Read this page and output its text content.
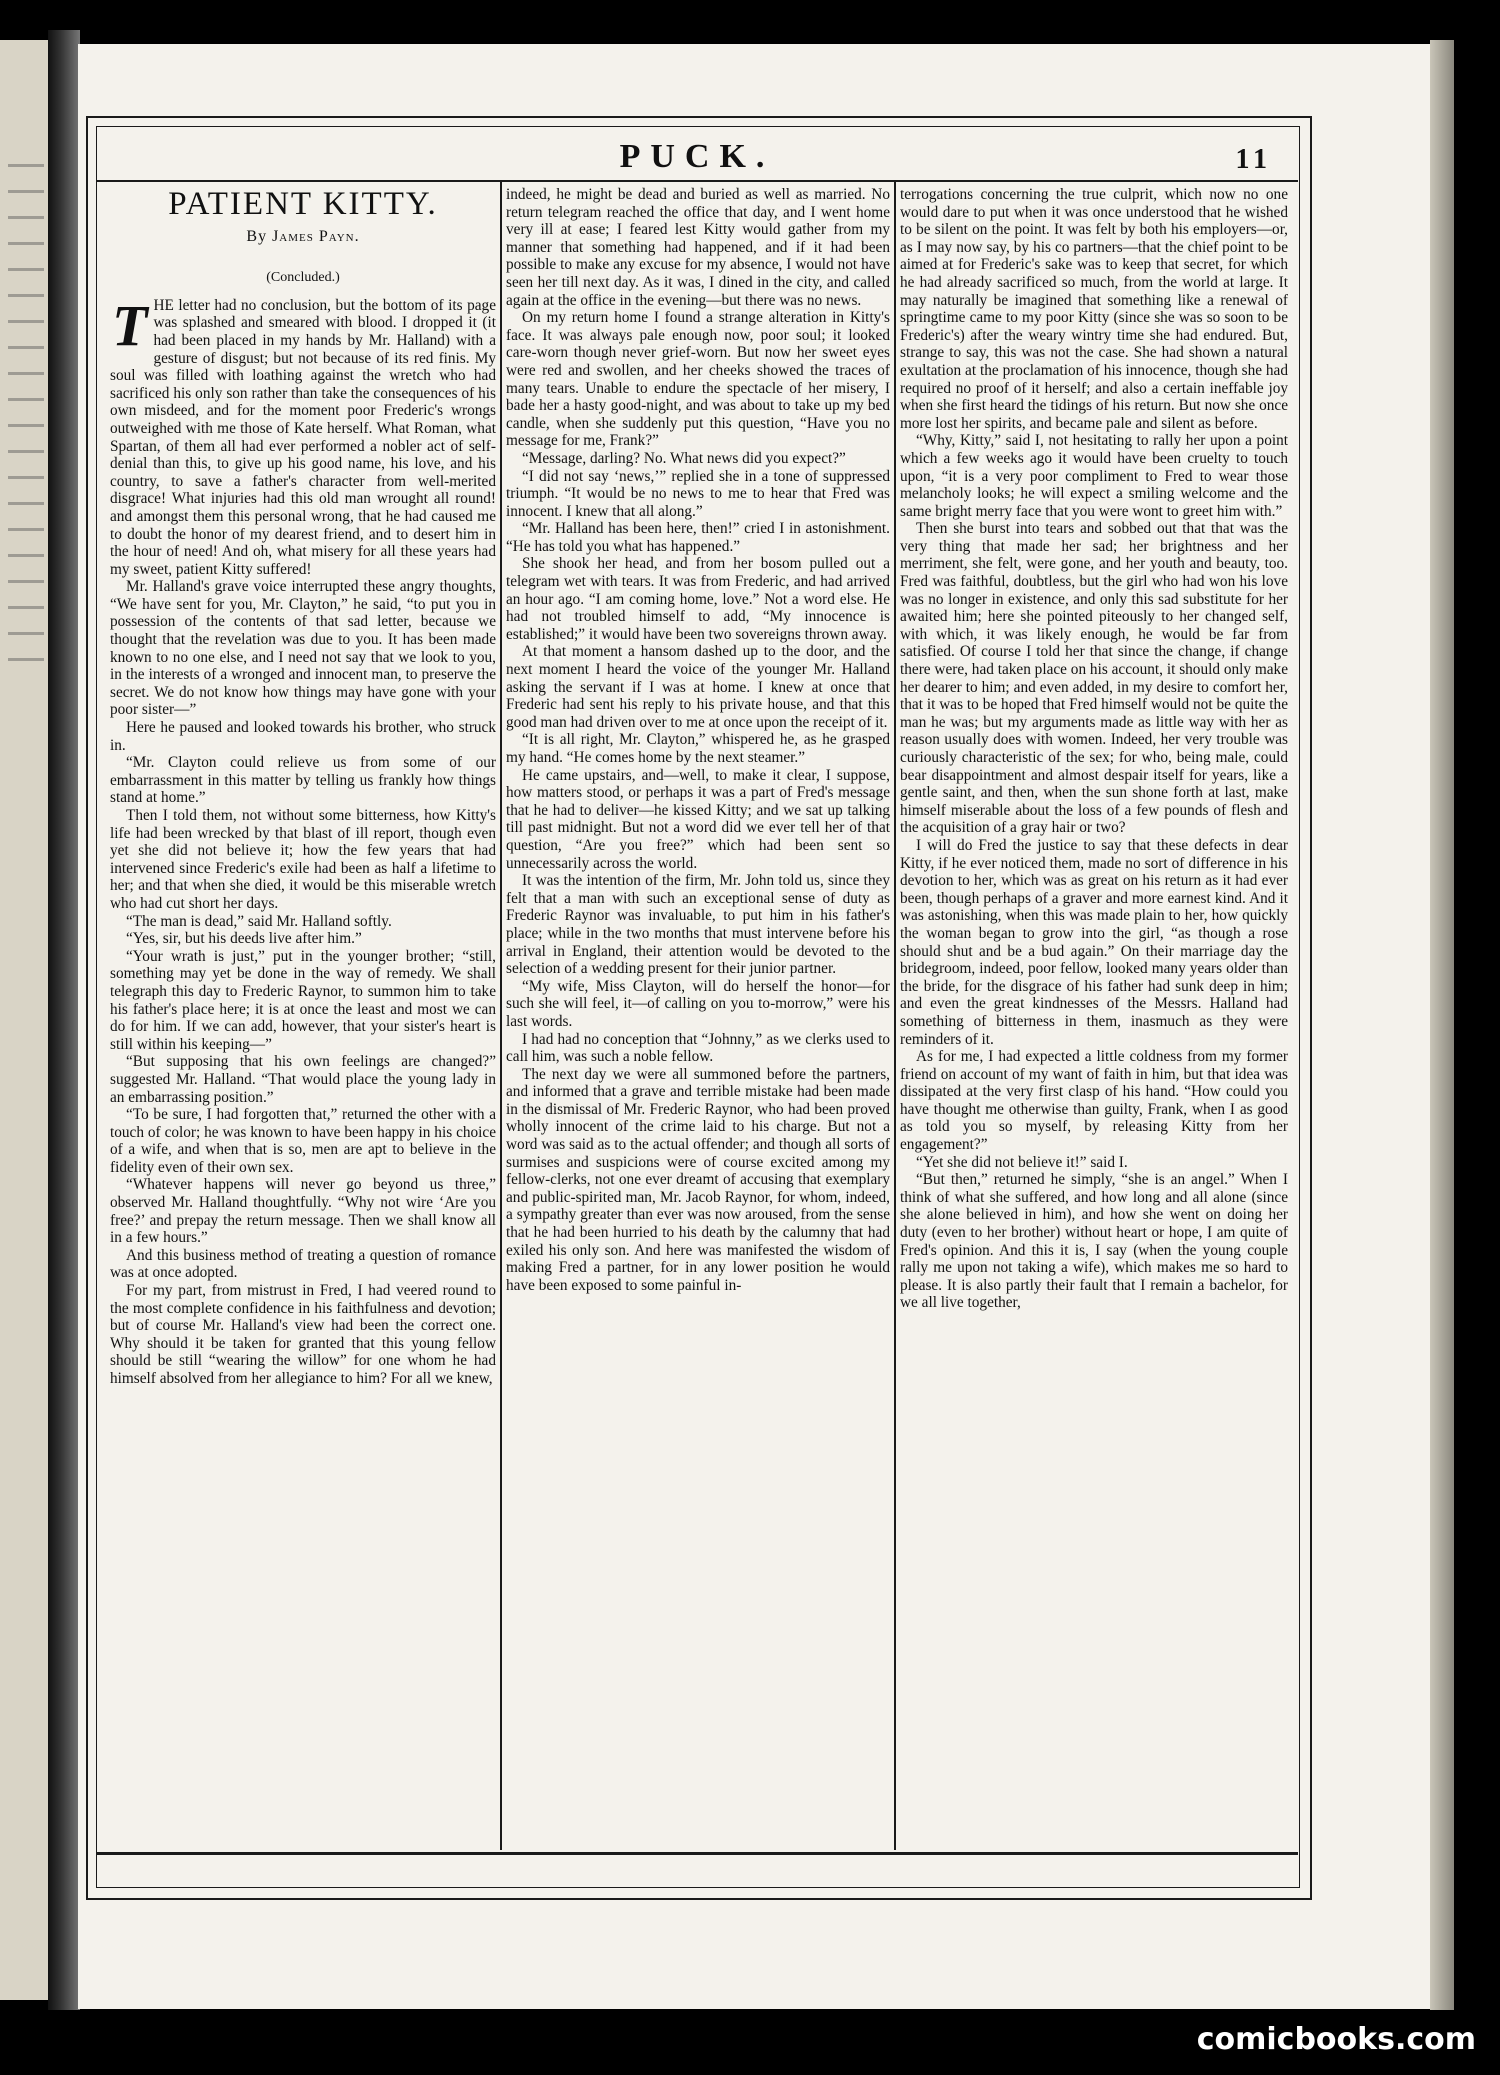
PUCK.	11
PATIENT KITTY.
By James Payn.
(Concluded.)
T HE letter had no conclusion, but the bottom of its page was splashed and smeared with blood. I dropped it (it had been placed in my hands by Mr. Halland) with a gesture of disgust; but not because of its red finis. My soul was filled with loathing against the wretch who had sacrificed his only son rather than take the consequences of his own misdeed, and for the moment poor Frederic's wrongs outweighed with me those of Kate herself. What Roman, what Spartan, of them all had ever performed a nobler act of self-denial than this, to give up his good name, his love, and his country, to save a father's character from well-merited disgrace! What injuries had this old man wrought all round! and amongst them this personal wrong, that he had caused me to doubt the honor of my dearest friend, and to desert him in the hour of need! And oh, what misery for all these years had my sweet, patient Kitty suffered!

Mr. Halland's grave voice interrupted these angry thoughts, “We have sent for you, Mr. Clayton,” he said, “to put you in possession of the contents of that sad letter, because we thought that the revelation was due to you. It has been made known to no one else, and I need not say that we look to you, in the interests of a wronged and innocent man, to preserve the secret. We do not know how things may have gone with your poor sister—”

Here he paused and looked towards his brother, who struck in.

“Mr. Clayton could relieve us from some of our embarrassment in this matter by telling us frankly how things stand at home.”

Then I told them, not without some bitterness, how Kitty's life had been wrecked by that blast of ill report, though even yet she did not believe it; how the few years that had intervened since Frederic's exile had been as half a lifetime to her; and that when she died, it would be this miserable wretch who had cut short her days.

“The man is dead,” said Mr. Halland softly.

“Yes, sir, but his deeds live after him.”

“Your wrath is just,” put in the younger brother; “still, something may yet be done in the way of remedy. We shall telegraph this day to Frederic Raynor, to summon him to take his father's place here; it is at once the least and most we can do for him. If we can add, however, that your sister's heart is still within his keeping—”

“But supposing that his own feelings are changed?” suggested Mr. Halland. “That would place the young lady in an embarrassing position.”

“To be sure, I had forgotten that,” returned the other with a touch of color; he was known to have been happy in his choice of a wife, and when that is so, men are apt to believe in the fidelity even of their own sex.

“Whatever happens will never go beyond us three,” observed Mr. Halland thoughtfully. “Why not wire ‘Are you free?’ and prepay the return message. Then we shall know all in a few hours.”

And this business method of treating a question of romance was at once adopted.

For my part, from mistrust in Fred, I had veered round to the most complete confidence in his faithfulness and devotion; but of course Mr. Halland's view had been the correct one. Why should it be taken for granted that this young fellow should be still “wearing the willow” for one whom he had himself absolved from her allegiance to him? For all we knew,

indeed, he might be dead and buried as well as married. No return telegram reached the office that day, and I went home very ill at ease; I feared lest Kitty would gather from my manner that something had happened, and if it had been possible to make any excuse for my absence, I would not have seen her till next day. As it was, I dined in the city, and called again at the office in the evening—but there was no news.

On my return home I found a strange alteration in Kitty's face. It was always pale enough now, poor soul; it looked care-worn though never grief-worn. But now her sweet eyes were red and swollen, and her cheeks showed the traces of many tears. Unable to endure the spectacle of her misery, I bade her a hasty good-night, and was about to take up my bed candle, when she suddenly put this question, “Have you no message for me, Frank?”

“Message, darling? No. What news did you expect?”

“I did not say ‘news,’” replied she in a tone of suppressed triumph. “It would be no news to me to hear that Fred was innocent. I knew that all along.”

“Mr. Halland has been here, then!” cried I in astonishment. “He has told you what has happened.”

She shook her head, and from her bosom pulled out a telegram wet with tears. It was from Frederic, and had arrived an hour ago. “I am coming home, love.” Not a word else. He had not troubled himself to add, “My innocence is established;” it would have been two sovereigns thrown away.

At that moment a hansom dashed up to the door, and the next moment I heard the voice of the younger Mr. Halland asking the servant if I was at home. I knew at once that Frederic had sent his reply to his private house, and that this good man had driven over to me at once upon the receipt of it.

“It is all right, Mr. Clayton,” whispered he, as he grasped my hand. “He comes home by the next steamer.”

He came upstairs, and—well, to make it clear, I suppose, how matters stood, or perhaps it was a part of Fred's message that he had to deliver—he kissed Kitty; and we sat up talking till past midnight. But not a word did we ever tell her of that question, “Are you free?” which had been sent so unnecessarily across the world.

It was the intention of the firm, Mr. John told us, since they felt that a man with such an exceptional sense of duty as Frederic Raynor was invaluable, to put him in his father's place; while in the two months that must intervene before his arrival in England, their attention would be devoted to the selection of a wedding present for their junior partner.

“My wife, Miss Clayton, will do herself the honor—for such she will feel, it—of calling on you to-morrow,” were his last words.

I had had no conception that “Johnny,” as we clerks used to call him, was such a noble fellow.

The next day we were all summoned before the partners, and informed that a grave and terrible mistake had been made in the dismissal of Mr. Frederic Raynor, who had been proved wholly innocent of the crime laid to his charge. But not a word was said as to the actual offender; and though all sorts of surmises and suspicions were of course excited among my fellow-clerks, not one ever dreamt of accusing that exemplary and public-spirited man, Mr. Jacob Raynor, for whom, indeed, a sympathy greater than ever was now aroused, from the sense that he had been hurried to his death by the calumny that had exiled his only son. And here was manifested the wisdom of making Fred a partner, for in any lower position he would have been exposed to some painful in-

terrogations concerning the true culprit, which now no one would dare to put when it was once understood that he wished to be silent on the point. It was felt by both his employers—or, as I may now say, by his co partners—that the chief point to be aimed at for Frederic's sake was to keep that secret, for which he had already sacrificed so much, from the world at large. It may naturally be imagined that something like a renewal of springtime came to my poor Kitty (since she was so soon to be Frederic's) after the weary wintry time she had endured. But, strange to say, this was not the case. She had shown a natural exultation at the proclamation of his innocence, though she had required no proof of it herself; and also a certain ineffable joy when she first heard the tidings of his return. But now she once more lost her spirits, and became pale and silent as before.

“Why, Kitty,” said I, not hesitating to rally her upon a point which a few weeks ago it would have been cruelty to touch upon, “it is a very poor compliment to Fred to wear those melancholy looks; he will expect a smiling welcome and the same bright merry face that you were wont to greet him with.”

Then she burst into tears and sobbed out that that was the very thing that made her sad; her brightness and her merriment, she felt, were gone, and her youth and beauty, too. Fred was faithful, doubtless, but the girl who had won his love was no longer in existence, and only this sad substitute for her awaited him; here she pointed piteously to her changed self, with which, it was likely enough, he would be far from satisfied. Of course I told her that since the change, if change there were, had taken place on his account, it should only make her dearer to him; and even added, in my desire to comfort her, that it was to be hoped that Fred himself would not be quite the man he was; but my arguments made as little way with her as reason usually does with women. Indeed, her very trouble was curiously characteristic of the sex; for who, being male, could bear disappointment and almost despair itself for years, like a gentle saint, and then, when the sun shone forth at last, make himself miserable about the loss of a few pounds of flesh and the acquisition of a gray hair or two?

I will do Fred the justice to say that these defects in dear Kitty, if he ever noticed them, made no sort of difference in his devotion to her, which was as great on his return as it had ever been, though perhaps of a graver and more earnest kind. And it was astonishing, when this was made plain to her, how quickly the woman began to grow into the girl, “as though a rose should shut and be a bud again.” On their marriage day the bridegroom, indeed, poor fellow, looked many years older than the bride, for the disgrace of his father had sunk deep in him; and even the great kindnesses of the Messrs. Halland had something of bitterness in them, inasmuch as they were reminders of it.

As for me, I had expected a little coldness from my former friend on account of my want of faith in him, but that idea was dissipated at the very first clasp of his hand. “How could you have thought me otherwise than guilty, Frank, when I as good as told you so myself, by releasing Kitty from her engagement?”

“Yet she did not believe it!” said I.

“But then,” returned he simply, “she is an angel.” When I think of what she suffered, and how long and all alone (since she alone believed in him), and how she went on doing her duty (even to her brother) without heart or hope, I am quite of Fred's opinion. And this it is, I say (when the young couple rally me upon not taking a wife), which makes me so hard to please. It is also partly their fault that I remain a bachelor, for we all live together,

comicbooks.com
